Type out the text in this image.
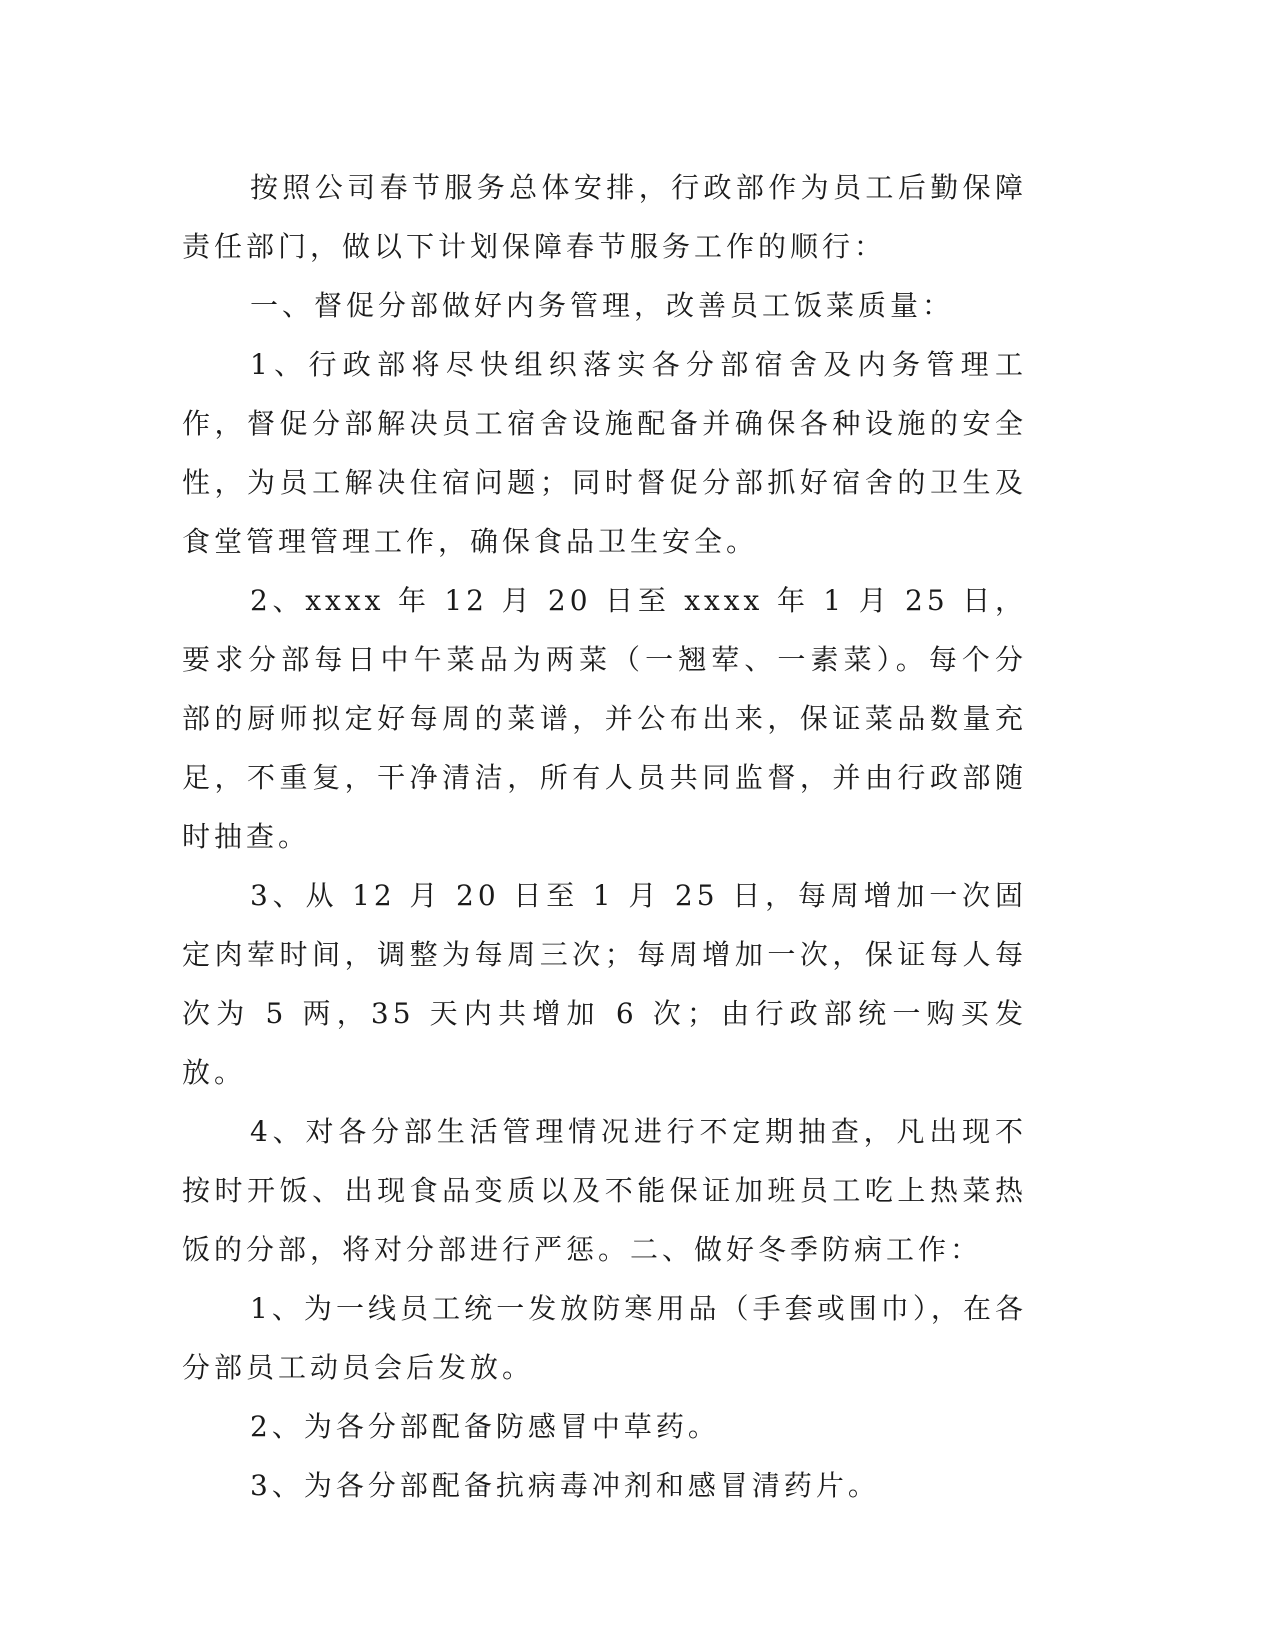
按照公司春节服务总体安排，行政部作为员工后勤保障责任部门，做以下计划保障春节服务工作的顺行：

一、督促分部做好内务管理，改善员工饭菜质量：

1、行政部将尽快组织落实各分部宿舍及内务管理工作，督促分部解决员工宿舍设施配备并确保各种设施的安全性，为员工解决住宿问题；同时督促分部抓好宿舍的卫生及食堂管理管理工作，确保食品卫生安全。

2、xxxx 年 12 月 20 日至 xxxx 年 1 月 25 日，要求分部每日中午菜品为两菜（一翘荤、一素菜）。每个分部的厨师拟定好每周的菜谱，并公布出来，保证菜品数量充足，不重复，干净清洁，所有人员共同监督，并由行政部随时抽查。

3、从 12 月 20 日至 1 月 25 日，每周增加一次固定肉荤时间，调整为每周三次；每周增加一次，保证每人每次为 5 两，35 天内共增加 6 次；由行政部统一购买发放。

4、对各分部生活管理情况进行不定期抽查，凡出现不按时开饭、出现食品变质以及不能保证加班员工吃上热菜热饭的分部，将对分部进行严惩。二、做好冬季防病工作：

1、为一线员工统一发放防寒用品（手套或围巾），在各分部员工动员会后发放。

2、为各分部配备防感冒中草药。

3、为各分部配备抗病毒冲剂和感冒清药片。
